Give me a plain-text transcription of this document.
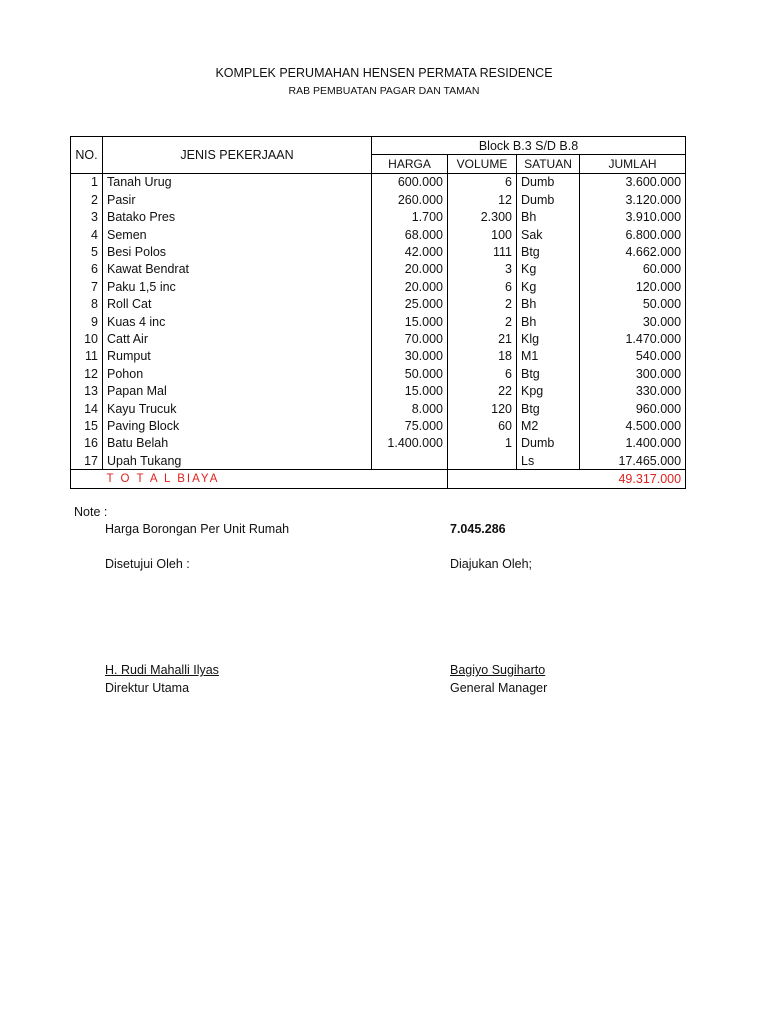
KOMPLEK PERUMAHAN HENSEN PERMATA RESIDENCE
RAB PEMBUATAN PAGAR DAN TAMAN
NO.	JENIS PEKERJAAN	Block B.3 S/D B.8			
		HARGA	VOLUME	SATUAN	JUMLAH
1	Tanah Urug	600.000	6	Dumb	3.600.000
2	Pasir	260.000	12	Dumb	3.120.000
3	Batako Pres	1.700	2.300	Bh	3.910.000
4	Semen	68.000	100	Sak	6.800.000
5	Besi Polos	42.000	111	Btg	4.662.000
6	Kawat Bendrat	20.000	3	Kg	60.000
7	Paku 1,5 inc	20.000	6	Kg	120.000
8	Roll Cat	25.000	2	Bh	50.000
9	Kuas 4 inc	15.000	2	Bh	30.000
10	Catt Air	70.000	21	Klg	1.470.000
11	Rumput	30.000	18	M1	540.000
12	Pohon	50.000	6	Btg	300.000
13	Papan Mal	15.000	22	Kpg	330.000
14	Kayu Trucuk	8.000	120	Btg	960.000
15	Paving Block	75.000	60	M2	4.500.000
16	Batu Belah	1.400.000	1	Dumb	1.400.000
17	Upah Tukang			Ls	17.465.000
	T O T A L BIAYA		49.317.000		
Note :
Harga Borongan Per Unit Rumah	7.045.286
Disetujui Oleh :	Diajukan Oleh;
H. Rudi Mahalli Ilyas
Direktur Utama
Bagiyo Sugiharto
General Manager
